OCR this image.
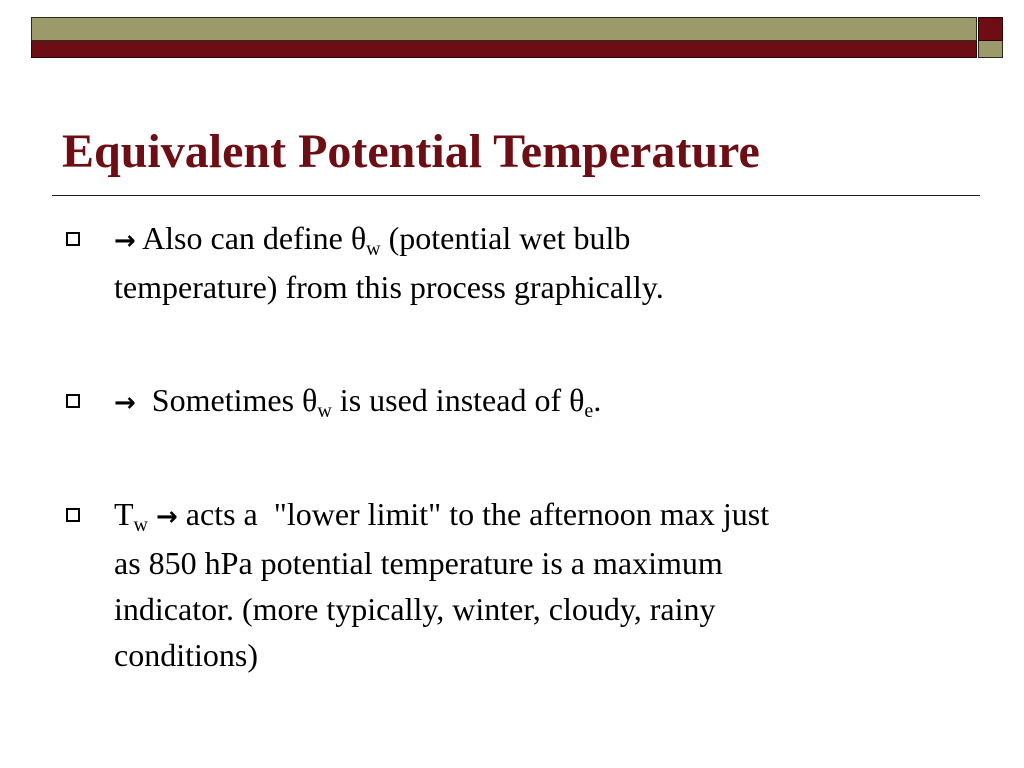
Equivalent Potential Temperature
→ Also can define $\theta_w$ (potential wet bulb
temperature) from this process graphically.
→  Sometimes $\theta_w$ is used instead of $\theta_e$.
$T_w$ → acts a  "lower limit" to the afternoon max just
as 850 hPa potential temperature is a maximum
indicator. (more typically, winter, cloudy, rainy
conditions)
